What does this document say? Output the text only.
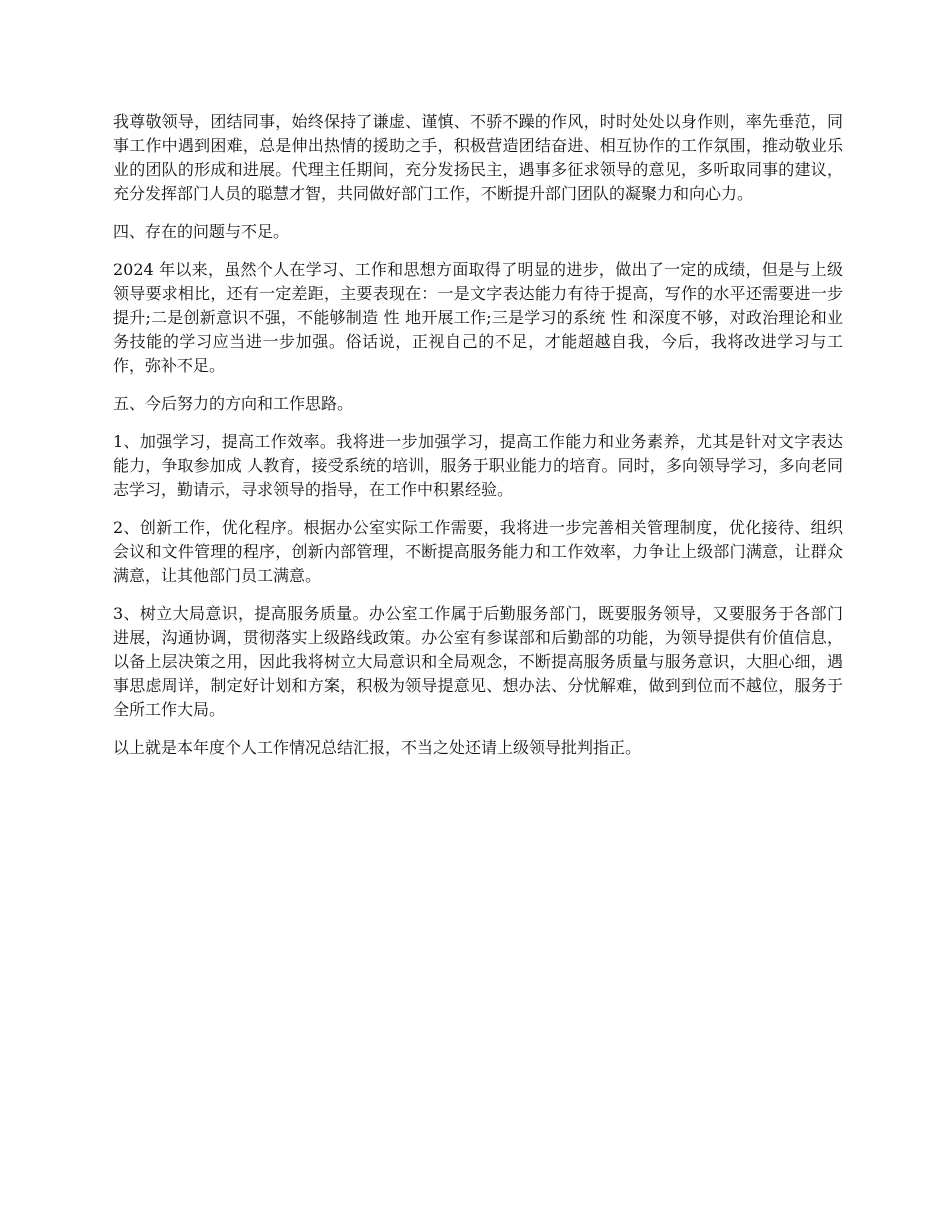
我尊敬领导，团结同事，始终保持了谦虚、谨慎、不骄不躁的作风，时时处处以身作则，率先垂范，同事工作中遇到困难，总是伸出热情的援助之手，积极营造团结奋进、相互协作的工作氛围，推动敬业乐业的团队的形成和进展。代理主任期间，充分发扬民主，遇事多征求领导的意见，多听取同事的建议，充分发挥部门人员的聪慧才智，共同做好部门工作，不断提升部门团队的凝聚力和向心力。

四、存在的问题与不足。

2024 年以来，虽然个人在学习、工作和思想方面取得了明显的进步，做出了一定的成绩，但是与上级领导要求相比，还有一定差距，主要表现在：一是文字表达能力有待于提高，写作的水平还需要进一步提升;二是创新意识不强，不能够制造 性 地开展工作;三是学习的系统 性 和深度不够，对政治理论和业务技能的学习应当进一步加强。俗话说，正视自己的不足，才能超越自我，今后，我将改进学习与工作，弥补不足。

五、今后努力的方向和工作思路。

1、加强学习，提高工作效率。我将进一步加强学习，提高工作能力和业务素养，尤其是针对文字表达能力，争取参加成 人教育，接受系统的培训，服务于职业能力的培育。同时，多向领导学习，多向老同志学习，勤请示，寻求领导的指导，在工作中积累经验。

2、创新工作，优化程序。根据办公室实际工作需要，我将进一步完善相关管理制度，优化接待、组织会议和文件管理的程序，创新内部管理，不断提高服务能力和工作效率，力争让上级部门满意，让群众满意，让其他部门员工满意。

3、树立大局意识，提高服务质量。办公室工作属于后勤服务部门，既要服务领导，又要服务于各部门进展，沟通协调，贯彻落实上级路线政策。办公室有参谋部和后勤部的功能，为领导提供有价值信息，以备上层决策之用，因此我将树立大局意识和全局观念，不断提高服务质量与服务意识，大胆心细，遇事思虑周详，制定好计划和方案，积极为领导提意见、想办法、分忧解难，做到到位而不越位，服务于全所工作大局。

以上就是本年度个人工作情况总结汇报，不当之处还请上级领导批判指正。
